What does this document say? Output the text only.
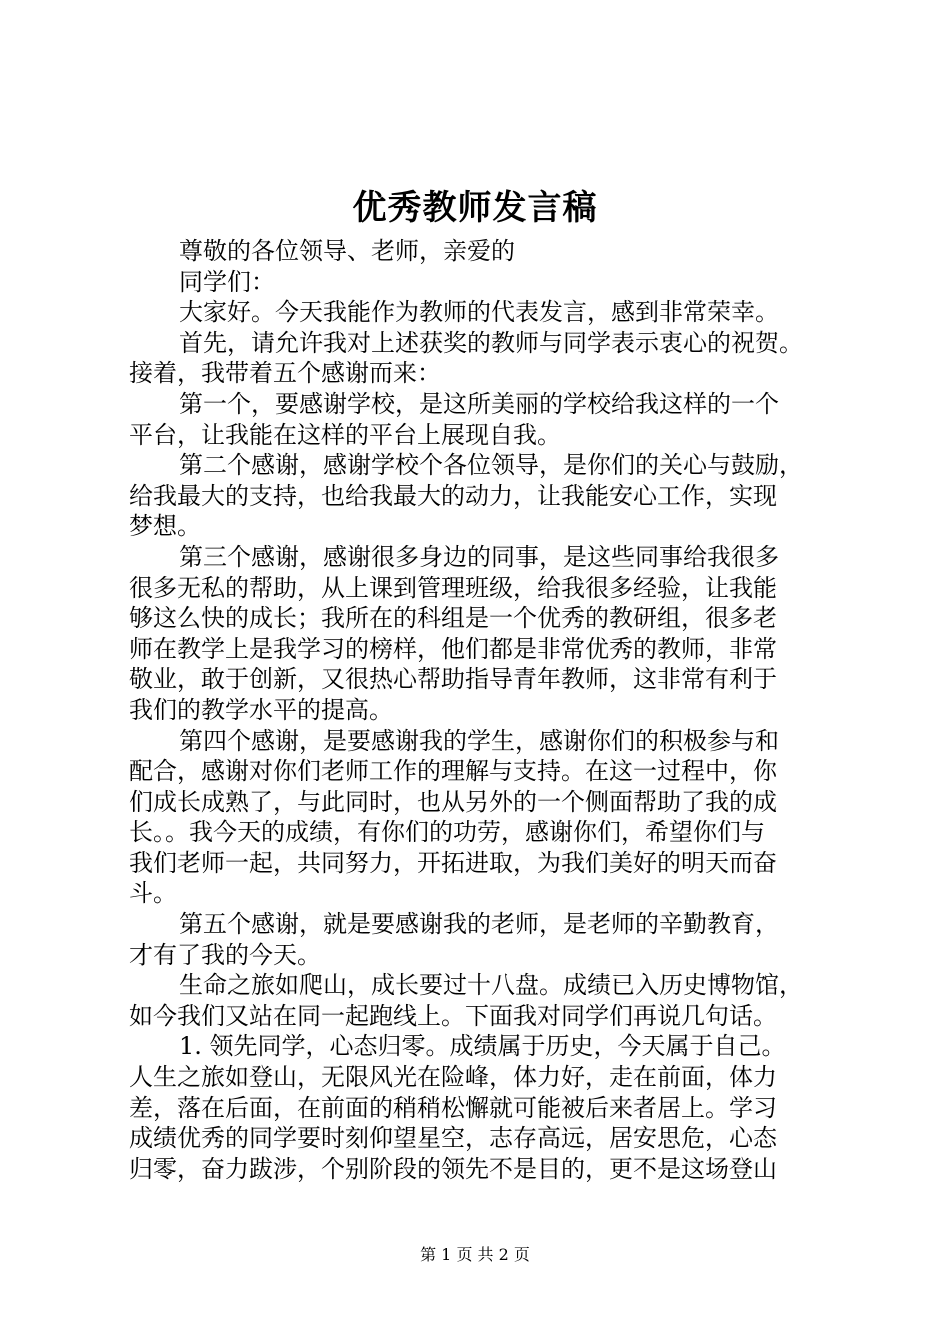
优秀教师发言稿

尊敬的各位领导、老师，亲爱的

同学们：

大家好。今天我能作为教师的代表发言，感到非常荣幸。

首先，请允许我对上述获奖的教师与同学表示衷心的祝贺。

接着，我带着五个感谢而来：

第一个，要感谢学校，是这所美丽的学校给我这样的一个

平台，让我能在这样的平台上展现自我。

第二个感谢，感谢学校个各位领导，是你们的关心与鼓励，

给我最大的支持，也给我最大的动力，让我能安心工作，实现

梦想。

第三个感谢，感谢很多身边的同事，是这些同事给我很多

很多无私的帮助，从上课到管理班级，给我很多经验，让我能

够这么快的成长；我所在的科组是一个优秀的教研组，很多老

师在教学上是我学习的榜样，他们都是非常优秀的教师，非常

敬业，敢于创新，又很热心帮助指导青年教师，这非常有利于

我们的教学水平的提高。

第四个感谢，是要感谢我的学生，感谢你们的积极参与和

配合，感谢对你们老师工作的理解与支持。在这一过程中，你

们成长成熟了，与此同时，也从另外的一个侧面帮助了我的成

长。。我今天的成绩，有你们的功劳，感谢你们，希望你们与

我们老师一起，共同努力，开拓进取，为我们美好的明天而奋

斗。

第五个感谢，就是要感谢我的老师，是老师的辛勤教育，

才有了我的今天。

生命之旅如爬山，成长要过十八盘。成绩已入历史博物馆，

如今我们又站在同一起跑线上。下面我对同学们再说几句话。

1. 领先同学，心态归零。成绩属于历史，今天属于自己。

人生之旅如登山，无限风光在险峰，体力好，走在前面，体力

差，落在后面，在前面的稍稍松懈就可能被后来者居上。学习

成绩优秀的同学要时刻仰望星空，志存高远，居安思危，心态

归零，奋力跋涉，个别阶段的领先不是目的，更不是这场登山

第 1 页 共 2 页
